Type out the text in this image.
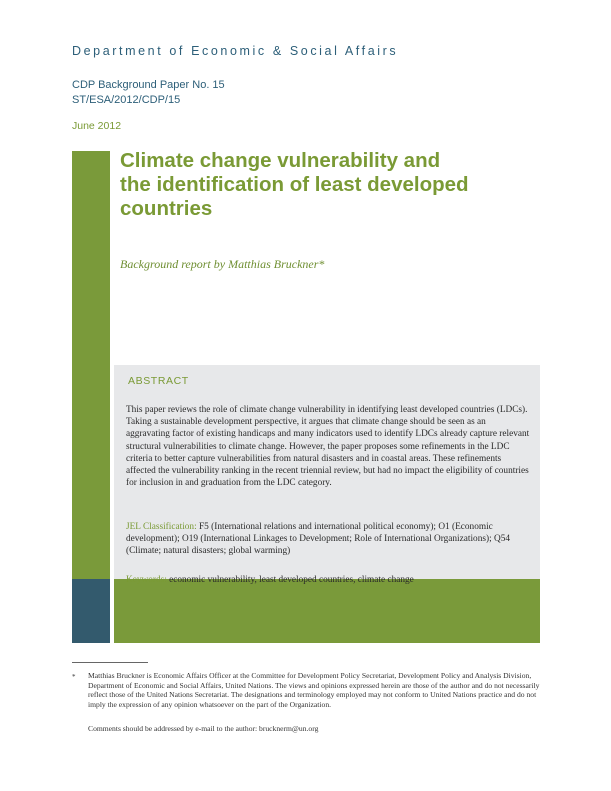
Department of Economic & Social Affairs
CDP Background Paper No. 15
ST/ESA/2012/CDP/15
June 2012
Climate change vulnerability and
the identification of least developed
countries
Background report by Matthias Bruckner*
ABSTRACT

This paper reviews the role of climate change vulnerability in identifying least developed countries (LDCs). Taking a sustainable development perspective, it argues that climate change should be seen as an aggravating factor of existing handicaps and many indicators used to identify LDCs already capture relevant structural vulnerabilities to climate change. However, the paper proposes some refinements in the LDC criteria to better capture vulnerabilities from natural disasters and in coastal areas. These refinements affected the vulnerability ranking in the recent triennial review, but had no impact the eligibility of countries for inclusion in and graduation from the LDC category.

JEL Classification: F5 (International relations and international political economy); O1 (Economic development); O19 (International Linkages to Development; Role of International Organizations); Q54 (Climate; natural disasters; global warming)

Keywords: economic vulnerability, least developed countries, climate change

* Matthias Bruckner is Economic Affairs Officer at the Committee for Development Policy Secretariat, Development Policy and Analysis Division, Department of Economic and Social Affairs, United Nations. The views and opinions expressed herein are those of the author and do not necessarily reflect those of the United Nations Secretariat. The designations and terminology employed may not conform to United Nations practice and do not imply the expression of any opinion whatsoever on the part of the Organization.

Comments should be addressed by e-mail to the author: brucknerm@un.org
